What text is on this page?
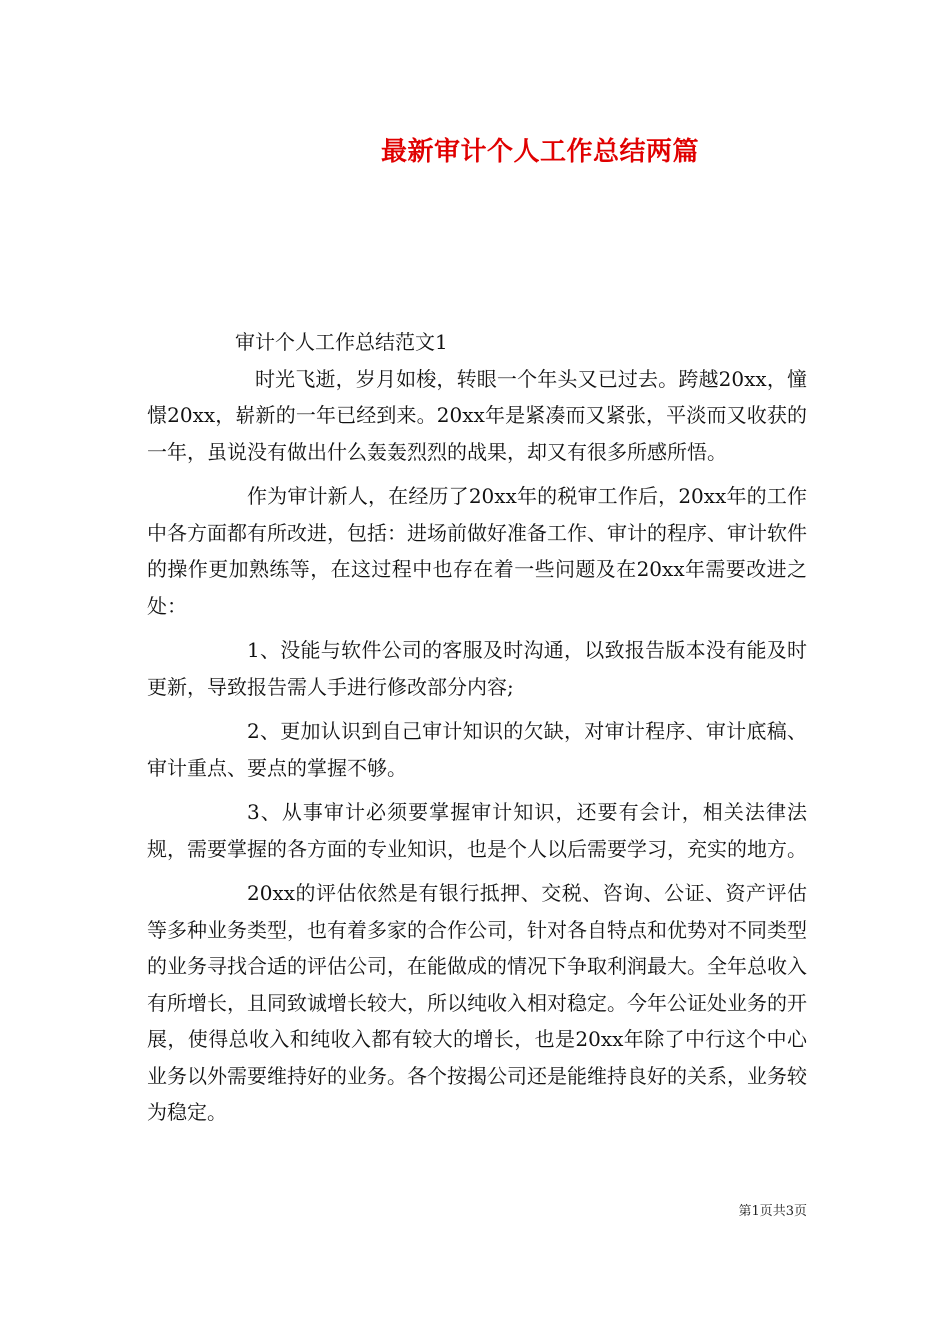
最新审计个人工作总结两篇

审计个人工作总结范文1

时光飞逝，岁月如梭，转眼一个年头又已过去。跨越20xx，憧憬20xx，崭新的一年已经到来。20xx年是紧凑而又紧张，平淡而又收获的一年，虽说没有做出什么轰轰烈烈的战果，却又有很多所感所悟。

作为审计新人，在经历了20xx年的税审工作后，20xx年的工作中各方面都有所改进，包括：进场前做好准备工作、审计的程序、审计软件的操作更加熟练等，在这过程中也存在着一些问题及在20xx年需要改进之处：

1、没能与软件公司的客服及时沟通，以致报告版本没有能及时更新，导致报告需人手进行修改部分内容;

2、更加认识到自己审计知识的欠缺，对审计程序、审计底稿、审计重点、要点的掌握不够。

3、从事审计必须要掌握审计知识，还要有会计，相关法律法规，需要掌握的各方面的专业知识，也是个人以后需要学习，充实的地方。

20xx的评估依然是有银行抵押、交税、咨询、公证、资产评估等多种业务类型，也有着多家的合作公司，针对各自特点和优势对不同类型的业务寻找合适的评估公司，在能做成的情况下争取利润最大。全年总收入有所增长，且同致诚增长较大，所以纯收入相对稳定。今年公证处业务的开展，使得总收入和纯收入都有较大的增长，也是20xx年除了中行这个中心业务以外需要维持好的业务。各个按揭公司还是能维持良好的关系，业务较为稳定。

第1页共3页
